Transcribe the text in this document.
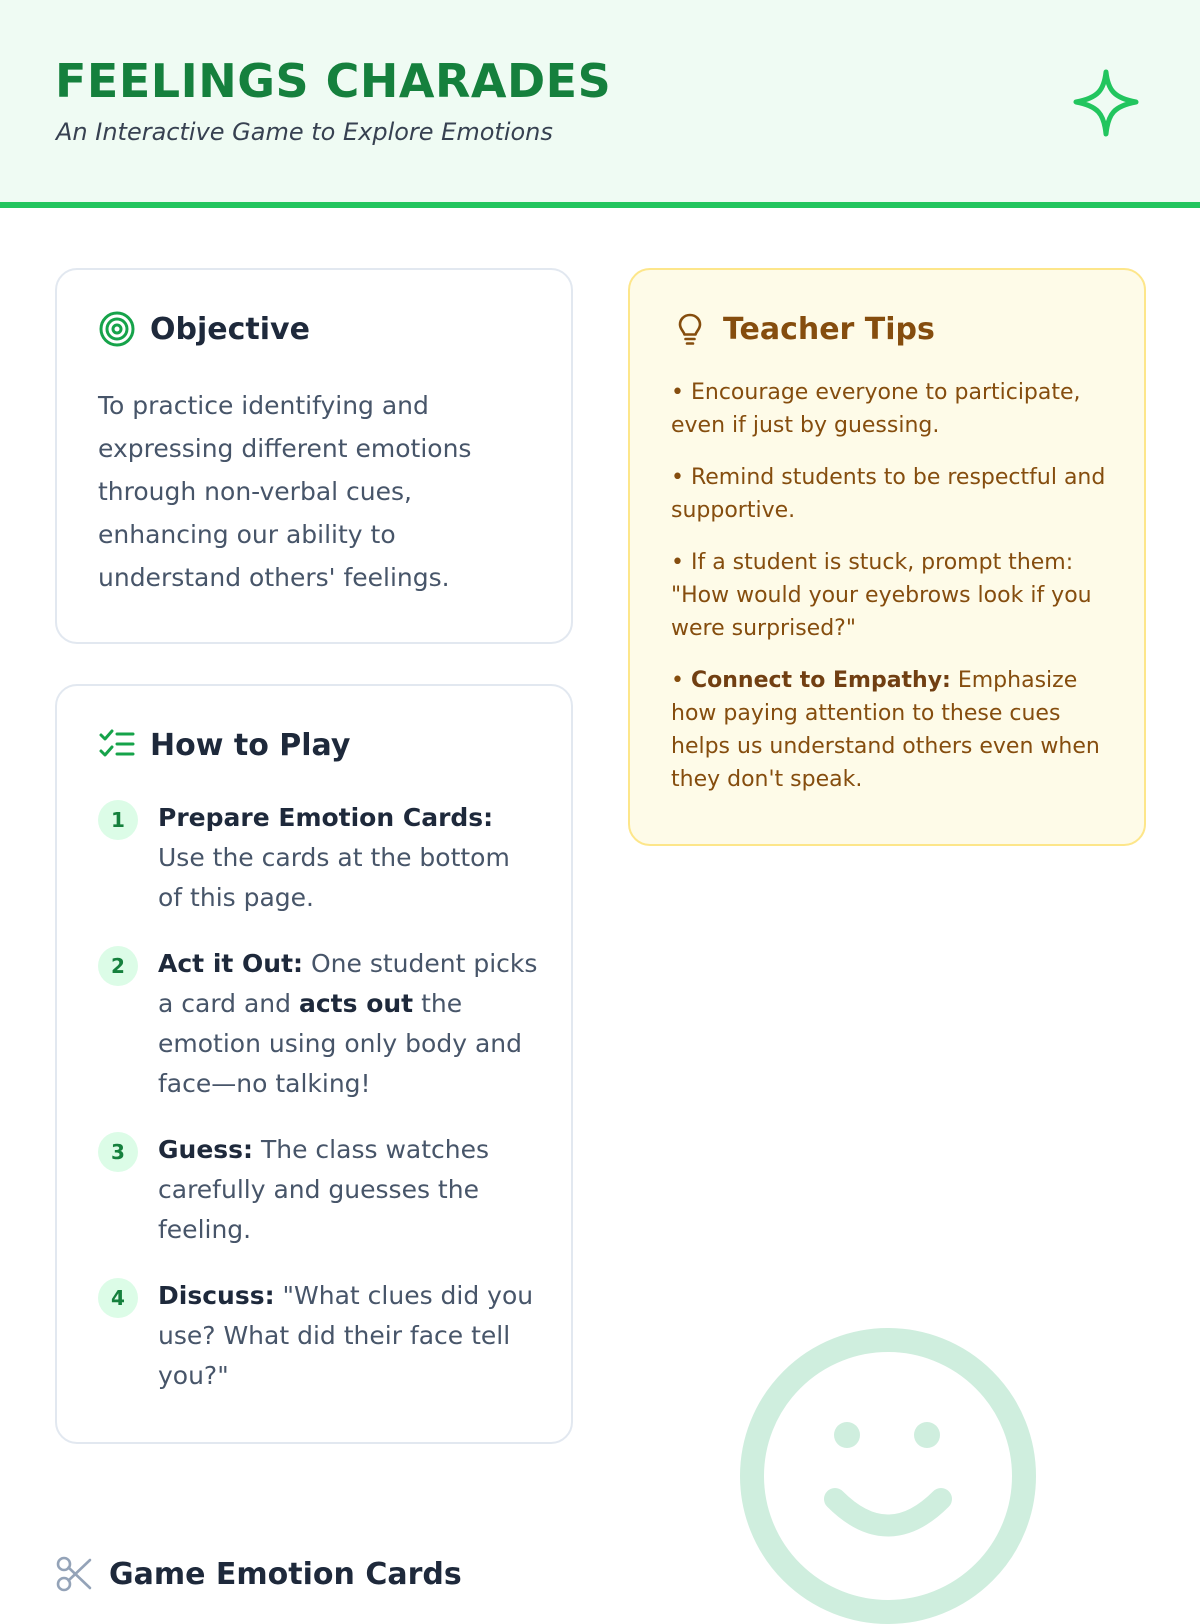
FEELINGS CHARADES

An Interactive Game to Explore Emotions

Objective

To practice identifying and expressing different emotions through non-verbal cues, enhancing our ability to understand others' feelings.

How to Play
1	Prepare Emotion Cards: Use the cards at the bottom of this page.
2	Act it Out: One student picks a card and acts out the emotion using only body and face—no talking!
3	Guess: The class watches carefully and guesses the feeling.
4	Discuss: "What clues did you use? What did their face tell you?"
Teacher Tips
• Encourage everyone to participate, even if just by guessing.
• Remind students to be respectful and supportive.
• If a student is stuck, prompt them: "How would your eyebrows look if you were surprised?"
• Connect to Empathy: Emphasize how paying attention to these cues helps us understand others even when they don't speak.
Game Emotion Cards
